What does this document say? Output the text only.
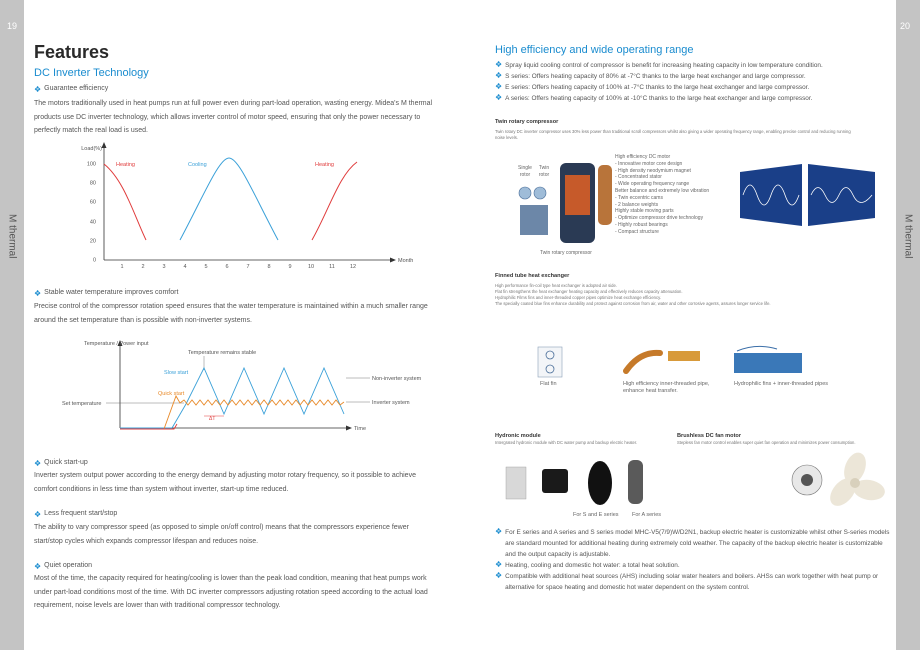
19
M thermal
20
M thermal
Features
DC Inverter Technology
❖ Guarantee efficiency
The motors traditionally used in heat pumps run at full power even during part-load operation, wasting energy. Midea's M thermal products use DC inverter technology, which allows inverter control of motor speed, ensuring that only the power necessary to perfectly match the real load is used.
Load(%)
Month
0
20
40
60
80
100
1	2	3	4	5	6	7	8	9	10	11	12
Heating	Cooling	Heating
❖ Stable water temperature improves comfort
Precise control of the compressor rotation speed ensures that the water temperature is maintained within a much smaller range around the set temperature than is possible with non-inverter systems.
Temperature / Power input
Temperature remains stable
Slow start
Quick start
Set temperature
ΔT
Non-inverter system
Inverter system
Time
❖ Quick start-up
Inverter system output power according to the energy demand by adjusting motor rotary frequency, so it possible to achieve comfort conditions in less time than system without inverter, start-up time reduced.
❖ Less frequent start/stop
The ability to vary compressor speed (as opposed to simple on/off control) means that the compressors experience fewer start/stop cycles which expands compressor lifespan and reduces noise.
❖ Quiet operation
Most of the time, the capacity required for heating/cooling is lower than the peak load condition, meaning that heat pumps work under part-load conditions most of the time. With DC inverter compressors adjusting rotation speed according to the actual load requirement, noise levels are lower than with traditional compressor technology.
High efficiency and wide operating range
❖ Spray liquid cooling control of compressor is benefit for increasing heating capacity in low temperature condition.
❖ S series: Offers heating capacity of 80% at -7°C thanks to the large heat exchanger and large compressor.
❖ E series: Offers heating capacity of 100% at -7°C thanks to the large heat exchanger and large compressor.
❖ A series: Offers heating capacity of 100% at -10°C thanks to the large heat exchanger and large compressor.
Twin rotary compressor
Twin rotary DC inverter compressor uses 30% less power than traditional scroll compressors whilst also giving a wider operating frequency range, enabling precise control and reducing running noise levels.
Single rotor
Twin rotor
Twin rotary compressor
High efficiency DC motor
- Innovative motor core design
- High density neodymium magnet
- Concentrated stator
- Wide operating frequency range
Better balance and extremely low vibration
- Twin eccentric cams
- 2 balance weights
Highly stable moving parts
- Optimize compressor drive technology
- Highly robust bearings
- Compact structure
Finned tube heat exchanger
High performance fin-coil type heat exchanger is adopted air side.
Flat fin strengthens the heat exchanger heating capacity and effectively reduces capacity attenuation.
Hydrophilic Films fins and inner-threaded copper pipes optimize heat exchange efficiency.
The specially coated blue fins enhance durability and protect against corrosion from air, water and other corrosive agents, assures longer service life.
Flat fin	High efficiency inner-threaded pipe,
enhance heat transfer.
Hydrophilic fins + inner-threaded pipes
Hydronic module
Intergrated hydronic module with DC water pump and backup electric heater.
Brushless DC fan motor
Stepless fan motor control enables super quiet fan operation and minimizes power consumption.
For S and E series For A series
❖ For E series and A series and S series model MHC-V5(7/9)W/D2N1, backup electric heater is customizable whilst other S-series models are standard mounted for additional heating during extremely cold weather. The capacity of the backup electric heater is customizable and the output capacity is adjustable.
❖ Heating, cooling and domestic hot water: a total heat solution.
❖ Compatible with additional heat sources (AHS) including solar water heaters and boilers. AHSs can work together with heat pump or alternative for space heating and domestic hot water dependent on the system control.
